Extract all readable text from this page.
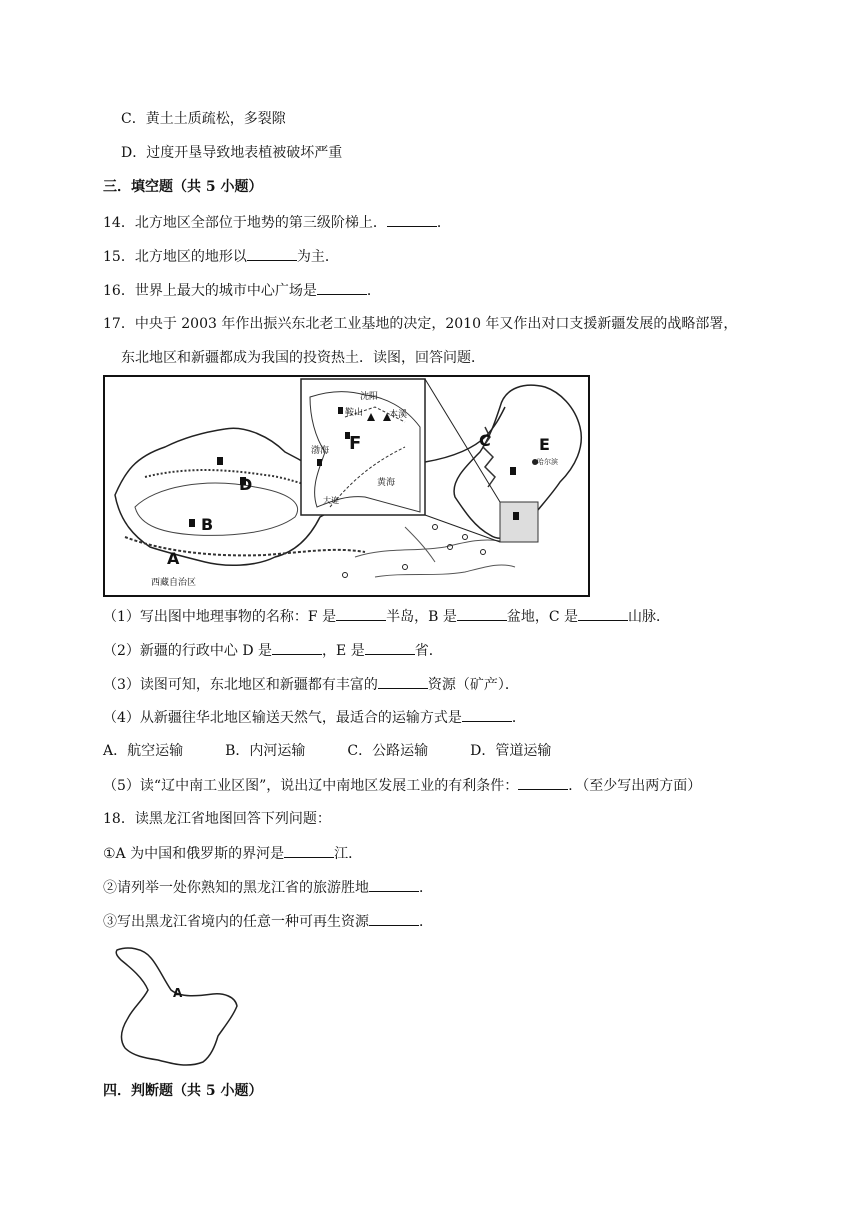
C．黄土土质疏松，多裂隙
D．过度开垦导致地表植被破坏严重
三．填空题（共 5 小题）
14．北方地区全部位于地势的第三级阶梯上．	．
15．北方地区的地形以	为主．
16．世界上最大的城市中心广场是	．
17．中央于 2003 年作出振兴东北老工业基地的决定，2010 年又作出对口支援新疆发展的战略部署，
东北地区和新疆都成为我国的投资热土．读图，回答问题．
沈阳
鞍山	本溪
渤海
黄海
大连
F
D
B
A
C	E
哈尔滨
西藏自治区
（1）写出图中地理事物的名称：F 是	半岛，B 是	盆地，C 是	山脉．
（2）新疆的行政中心 D 是	，E 是	省．
（3）读图可知，东北地区和新疆都有丰富的	资源（矿产）．
（4）从新疆往华北地区输送天然气，最适合的运输方式是	．
A．航空运输	B．内河运输	C．公路运输	D．管道运输
（5）读“辽中南工业区图”，说出辽中南地区发展工业的有利条件：	．（至少写出两方面）
18．读黑龙江省地图回答下列问题：
①A 为中国和俄罗斯的界河是	江．
②请列举一处你熟知的黑龙江省的旅游胜地	．
③写出黑龙江省境内的任意一种可再生资源	．
A
四．判断题（共 5 小题）
